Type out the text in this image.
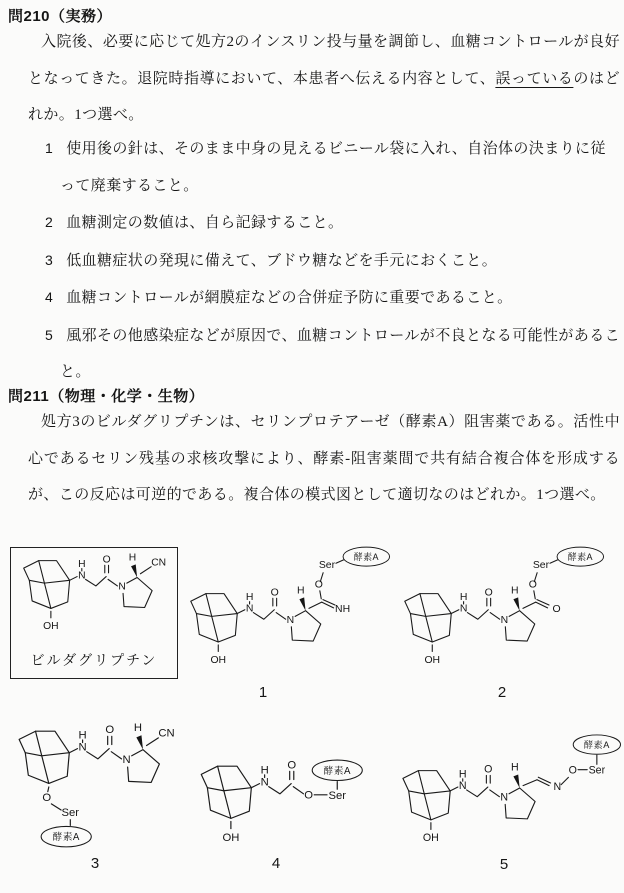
問210（実務）
入院後、必要に応じて処方2のインスリン投与量を調節し、血糖コントロールが良好となってきた。退院時指導において、本患者へ伝える内容として、誤っているのはどれか。1つ選べ。

1 使用後の針は、そのまま中身の見えるビニール袋に入れ、自治体の決まりに従って廃棄すること。

2 血糖測定の数値は、自ら記録すること。

3 低血糖症状の発現に備えて、ブドウ糖などを手元におくこと。

4 血糖コントロールが網膜症などの合併症予防に重要であること。

5 風邪その他感染症などが原因で、血糖コントロールが不良となる可能性があること。

問211（物理・化学・生物）
処方3のビルダグリプチンは、セリンプロテアーゼ（酵素A）阻害薬である。活性中心であるセリン残基の求核攻撃により、酵素-阻害薬間で共有結合複合体を形成するが、この反応は可逆的である。複合体の模式図として適切なのはどれか。1つ選べ。
OH
H
N
O
N
H CN
ビルダグリプチン	OH
H
N
O
N
H
NH
O
Ser
酵素A
OH
H
N
O
N
H
O
O
Ser
酵素A
H
N
O
N
H CN
O
Ser
酵素A	OH
H
N
O
O Ser
酵素A
OH
H
N
O
N
H
N
O Ser
酵素A
1	2
3	4	5
